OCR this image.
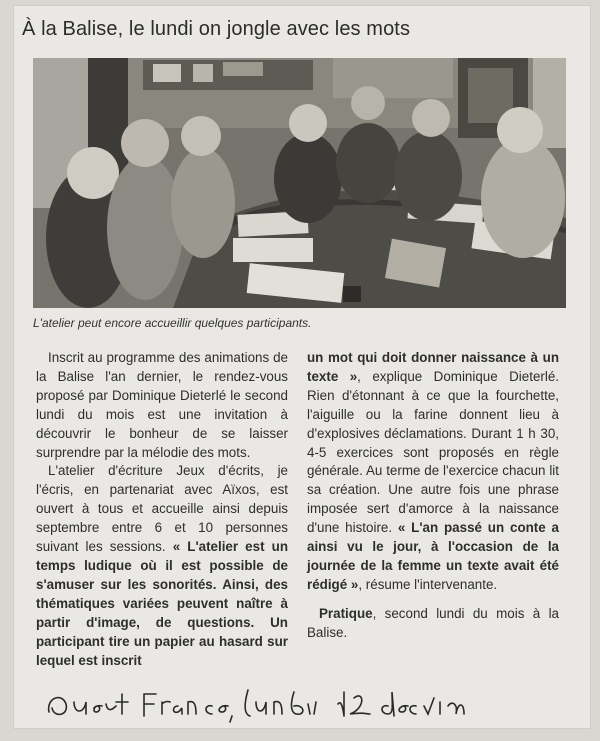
À la Balise, le lundi on jongle avec les mots
L'atelier peut encore accueillir quelques participants.

Inscrit au programme des animations de la Balise l'an dernier, le rendez-vous proposé par Dominique Dieterlé le second lundi du mois est une invitation à découvrir le bonheur de se laisser surprendre par la mélodie des mots.

L'atelier d'écriture Jeux d'écrits, je l'écris, en partenariat avec Aïxos, est ouvert à tous et accueille ainsi depuis septembre entre 6 et 10 personnes suivant les sessions. « L'atelier est un temps ludique où il est possible de s'amuser sur les sonorités. Ainsi, des thématiques variées peuvent naître à partir d'image, de questions. Un participant tire un papier au hasard sur lequel est inscrit

un mot qui doit donner naissance à un texte », explique Dominique Dieterlé. Rien d'étonnant à ce que la fourchette, l'aiguille ou la farine donnent lieu à d'explosives déclamations. Durant 1 h 30, 4-5 exercices sont proposés en règle générale. Au terme de l'exercice chacun lit sa création. Une autre fois une phrase imposée sert d'amorce à la naissance d'une histoire. « L'an passé un conte a ainsi vu le jour, à l'occasion de la journée de la femme un texte avait été rédigé », résume l'intervenante.

Pratique, second lundi du mois à la Balise.
